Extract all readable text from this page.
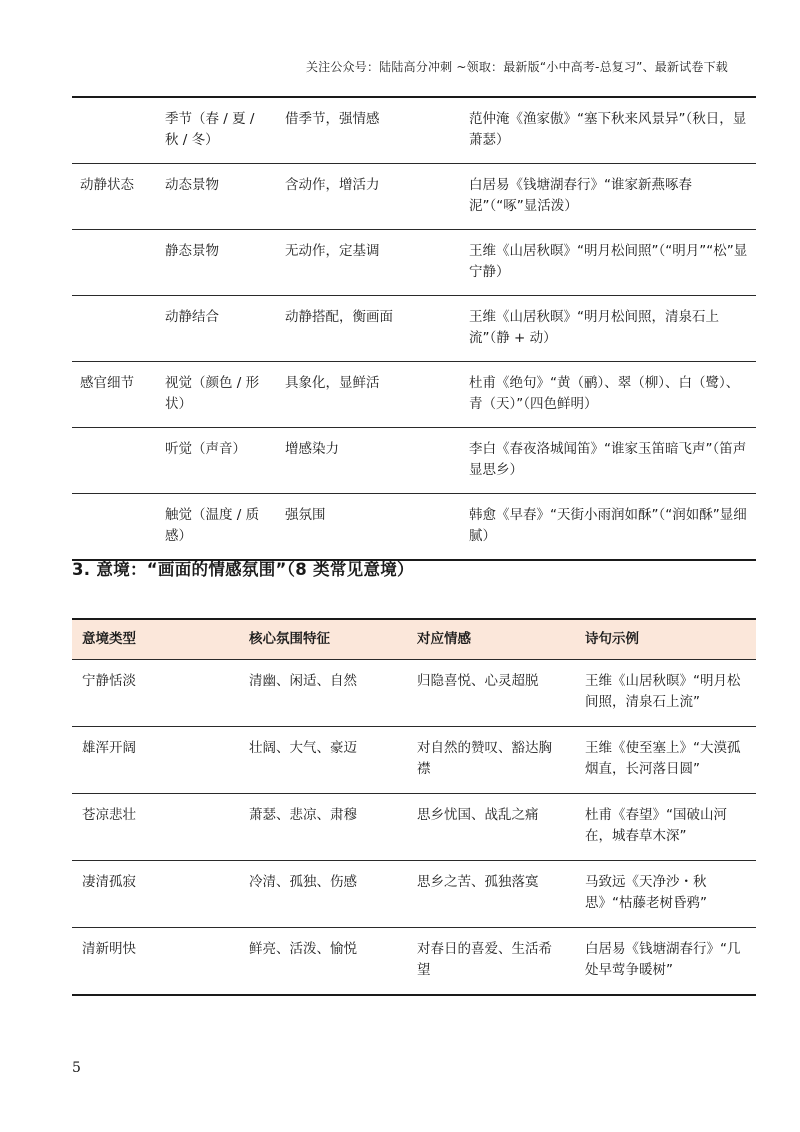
关注公众号：陆陆高分冲刺 ~领取：最新版“小中高考-总复习”、最新试卷下载
	季节（春 / 夏 / 秋 / 冬）	借季节，强情感	范仲淹《渔家傲》“塞下秋来风景异”（秋日，显萧瑟）
动静状态	动态景物	含动作，增活力	白居易《钱塘湖春行》“谁家新燕啄春泥”（“啄”显活泼）
	静态景物	无动作，定基调	王维《山居秋暝》“明月松间照”（“明月”“松”显宁静）
	动静结合	动静搭配，衡画面	王维《山居秋暝》“明月松间照，清泉石上流”（静 + 动）
感官细节	视觉（颜色 / 形状）	具象化，显鲜活	杜甫《绝句》“黄（鹂）、翠（柳）、白（鹭）、青（天）”（四色鲜明）
	听觉（声音）	增感染力	李白《春夜洛城闻笛》“谁家玉笛暗飞声”（笛声显思乡）
	触觉（温度 / 质感）	强氛围	韩愈《早春》“天街小雨润如酥”（“润如酥”显细腻）
3. 意境：“画面的情感氛围”（8 类常见意境）
意境类型	核心氛围特征	对应情感	诗句示例
宁静恬淡	清幽、闲适、自然	归隐喜悦、心灵超脱	王维《山居秋暝》“明月松间照，清泉石上流”
雄浑开阔	壮阔、大气、豪迈	对自然的赞叹、豁达胸襟	王维《使至塞上》“大漠孤烟直，长河落日圆”
苍凉悲壮	萧瑟、悲凉、肃穆	思乡忧国、战乱之痛	杜甫《春望》“国破山河在，城春草木深”
凄清孤寂	冷清、孤独、伤感	思乡之苦、孤独落寞	马致远《天净沙・秋思》“枯藤老树昏鸦”
清新明快	鲜亮、活泼、愉悦	对春日的喜爱、生活希望	白居易《钱塘湖春行》“几处早莺争暖树”
5
